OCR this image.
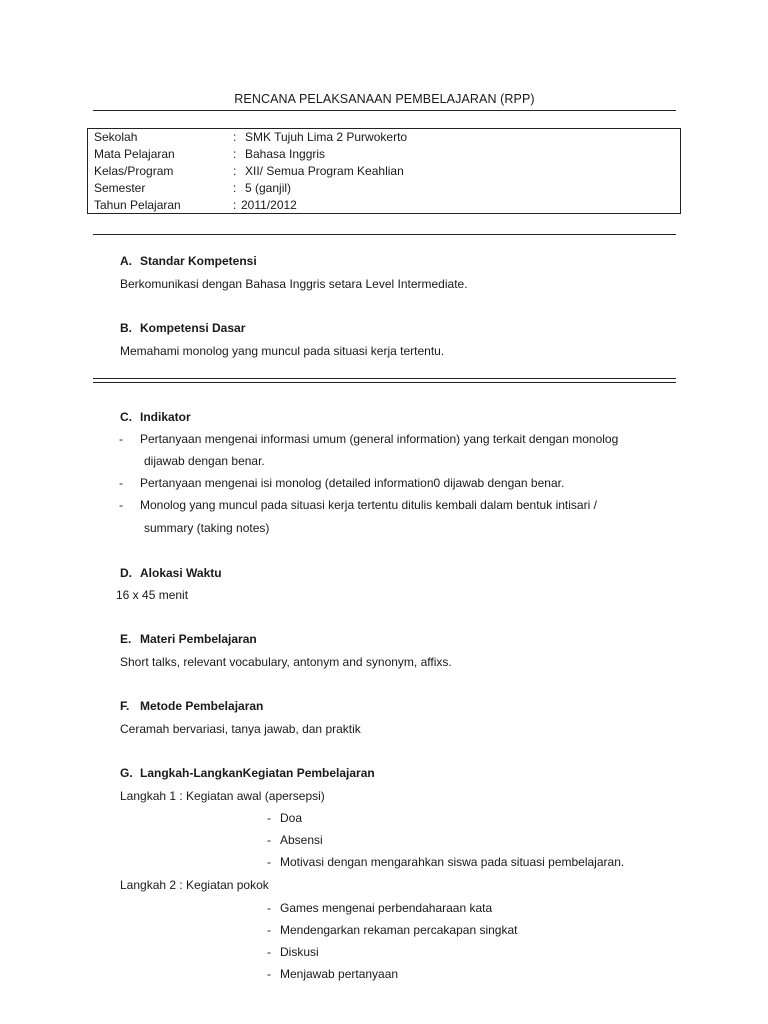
RENCANA PELAKSANAAN PEMBELAJARAN (RPP)
Sekolah	: SMK Tujuh Lima 2 Purwokerto
Mata Pelajaran	: Bahasa Inggris
Kelas/Program	: XII/ Semua Program Keahlian
Semester	: 5 (ganjil)
Tahun Pelajaran	: 2011/2012
A. Standar Kompetensi
Berkomunikasi dengan Bahasa Inggris setara Level Intermediate.
B. Kompetensi Dasar
Memahami monolog yang muncul pada situasi kerja tertentu.
C. Indikator
- Pertanyaan mengenai informasi umum (general information) yang terkait dengan monolog
dijawab dengan benar.
- Pertanyaan mengenai isi monolog (detailed information0 dijawab dengan benar.
- Monolog yang muncul pada situasi kerja tertentu ditulis kembali dalam bentuk intisari /
summary (taking notes)
D. Alokasi Waktu
16 x 45 menit
E. Materi Pembelajaran
Short talks, relevant vocabulary, antonym and synonym, affixs.
F. Metode Pembelajaran
Ceramah bervariasi, tanya jawab, dan praktik
G. Langkah-LangkanKegiatan Pembelajaran
Langkah 1 : Kegiatan awal (apersepsi)
- Doa
- Absensi
- Motivasi dengan mengarahkan siswa pada situasi pembelajaran.
Langkah 2 : Kegiatan pokok
- Games mengenai perbendaharaan kata
- Mendengarkan rekaman percakapan singkat
- Diskusi
- Menjawab pertanyaan
